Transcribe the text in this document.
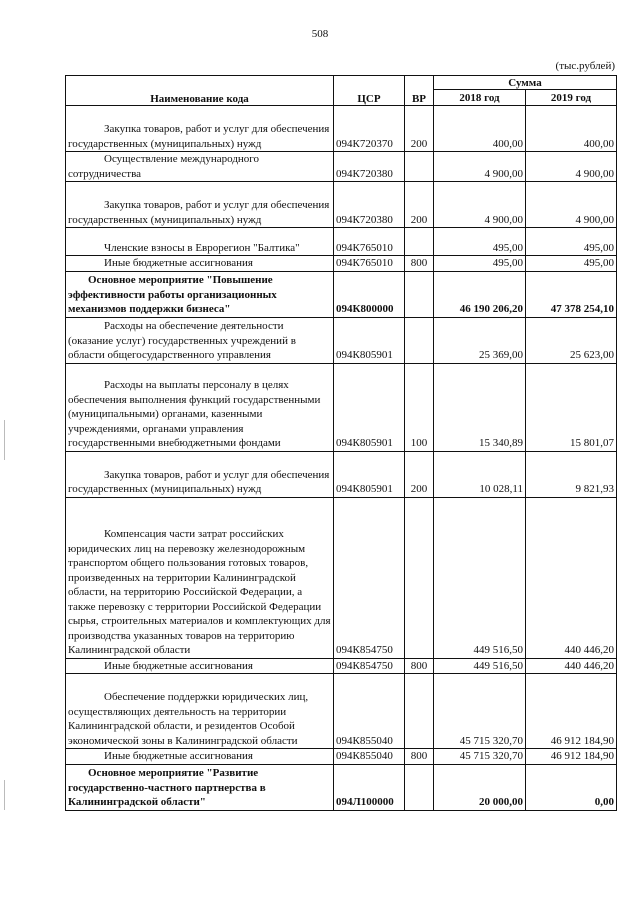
508
(тыс.рублей)
Наименование кода	ЦСР	ВР	Сумма	
			2018 год	2019 год
Закупка товаров, работ и услуг для обеспечения государственных (муниципальных) нужд	094К720370	200	400,00	400,00
Осуществление международного сотрудничества	094К720380		4 900,00	4 900,00
Закупка товаров, работ и услуг для обеспечения государственных (муниципальных) нужд	094К720380	200	4 900,00	4 900,00
Членские взносы в Еврорегион "Балтика"	094К765010		495,00	495,00
Иные бюджетные ассигнования	094К765010	800	495,00	495,00
Основное мероприятие "Повышение эффективности работы организационных механизмов поддержки бизнеса"	094К800000		46 190 206,20	47 378 254,10
Расходы на обеспечение деятельности (оказание услуг) государственных учреждений в области общегосударственного управления	094К805901		25 369,00	25 623,00
Расходы на выплаты персоналу в целях обеспечения выполнения функций государственными (муниципальными) органами, казенными учреждениями, органами управления государственными внебюджетными фондами	094К805901	100	15 340,89	15 801,07
Закупка товаров, работ и услуг для обеспечения государственных (муниципальных) нужд	094К805901	200	10 028,11	9 821,93
Компенсация части затрат российских юридических лиц на перевозку железнодорожным транспортом общего пользования готовых товаров, произведенных на территории Калининградской области, на территорию Российской Федерации, а также перевозку с территории Российской Федерации сырья, строительных материалов и комплектующих для производства указанных товаров на территорию Калининградской области	094К854750		449 516,50	440 446,20
Иные бюджетные ассигнования	094К854750	800	449 516,50	440 446,20
Обеспечение поддержки юридических лиц, осуществляющих деятельность на территории Калининградской области, и резидентов Особой экономической зоны в Калининградской области	094К855040		45 715 320,70	46 912 184,90
Иные бюджетные ассигнования	094К855040	800	45 715 320,70	46 912 184,90
Основное мероприятие "Развитие государственно-частного партнерства в Калининградской области"	094Л100000		20 000,00	0,00
